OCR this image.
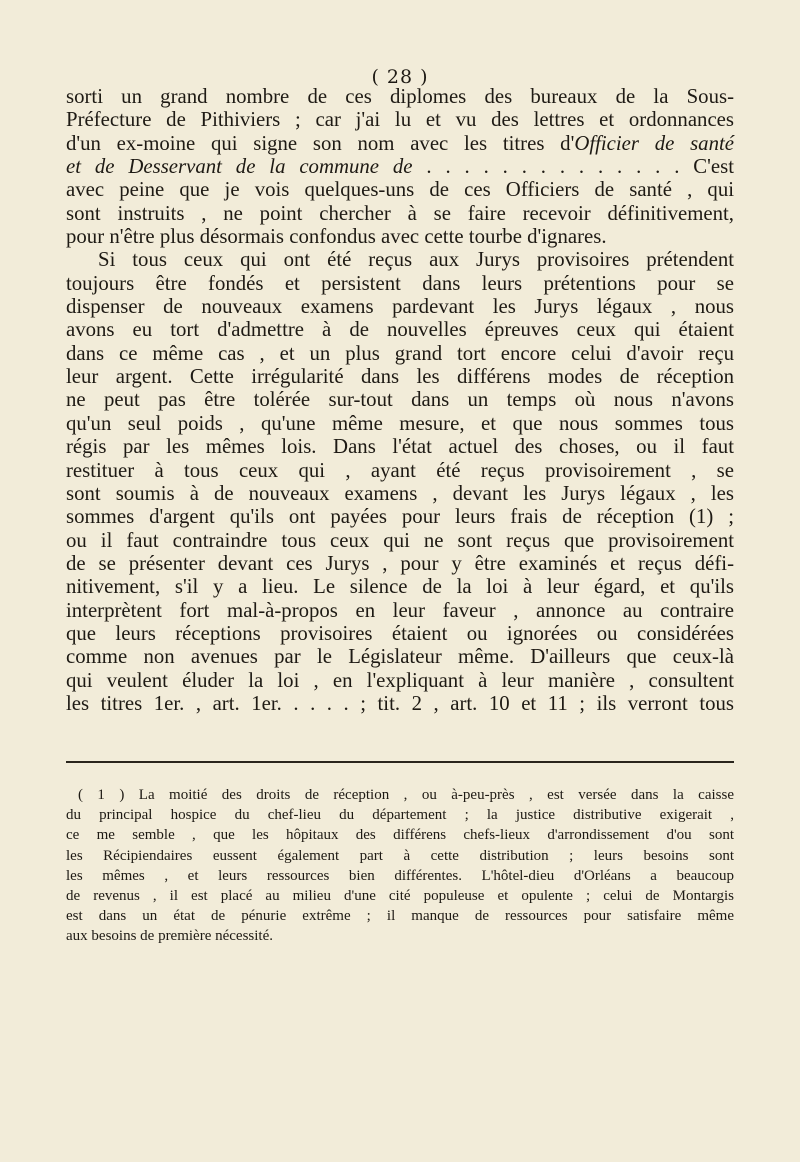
( 28 )

sorti un grand nombre de ces diplomes des bureaux de la Sous-
Préfecture de Pithiviers ; car j'ai lu et vu des lettres et ordonnances
d'un ex-moine qui signe son nom avec les titres d'Officier de santé
et de Desservant de la commune de . . . . . . . . . . . . . . C'est
avec peine que je vois quelques-uns de ces Officiers de santé , qui
sont instruits , ne point chercher à se faire recevoir définitivement,
pour n'être plus désormais confondus avec cette tourbe d'ignares.

Si tous ceux qui ont été reçus aux Jurys provisoires prétendent
toujours être fondés et persistent dans leurs prétentions pour se
dispenser de nouveaux examens pardevant les Jurys légaux , nous
avons eu tort d'admettre à de nouvelles épreuves ceux qui étaient
dans ce même cas , et un plus grand tort encore celui d'avoir reçu
leur argent. Cette irrégularité dans les différens modes de réception
ne peut pas être tolérée sur-tout dans un temps où nous n'avons
qu'un seul poids , qu'une même mesure, et que nous sommes tous
régis par les mêmes lois. Dans l'état actuel des choses, ou il faut
restituer à tous ceux qui , ayant été reçus provisoirement , se
sont soumis à de nouveaux examens , devant les Jurys légaux , les
sommes d'argent qu'ils ont payées pour leurs frais de réception (1) ;
ou il faut contraindre tous ceux qui ne sont reçus que provisoirement
de se présenter devant ces Jurys , pour y être examinés et reçus défi-
nitivement, s'il y a lieu. Le silence de la loi à leur égard, et qu'ils
interprètent fort mal-à-propos en leur faveur , annonce au contraire
que leurs réceptions provisoires étaient ou ignorées ou considérées
comme non avenues par le Législateur même. D'ailleurs que ceux-là
qui veulent éluder la loi , en l'expliquant à leur manière , consultent
les titres 1er. , art. 1er. . . . . ; tit. 2 , art. 10 et 11 ; ils verront tous

( 1 ) La moitié des droits de réception , ou à-peu-près , est versée dans la caisse
du principal hospice du chef-lieu du département ; la justice distributive exigerait ,
ce me semble , que les hôpitaux des différens chefs-lieux d'arrondissement d'ou sont
les Récipiendaires eussent également part à cette distribution ; leurs besoins sont
les mêmes , et leurs ressources bien différentes. L'hôtel-dieu d'Orléans a beaucoup
de revenus , il est placé au milieu d'une cité populeuse et opulente ; celui de Montargis
est dans un état de pénurie extrême ; il manque de ressources pour satisfaire même
aux besoins de première nécessité.
